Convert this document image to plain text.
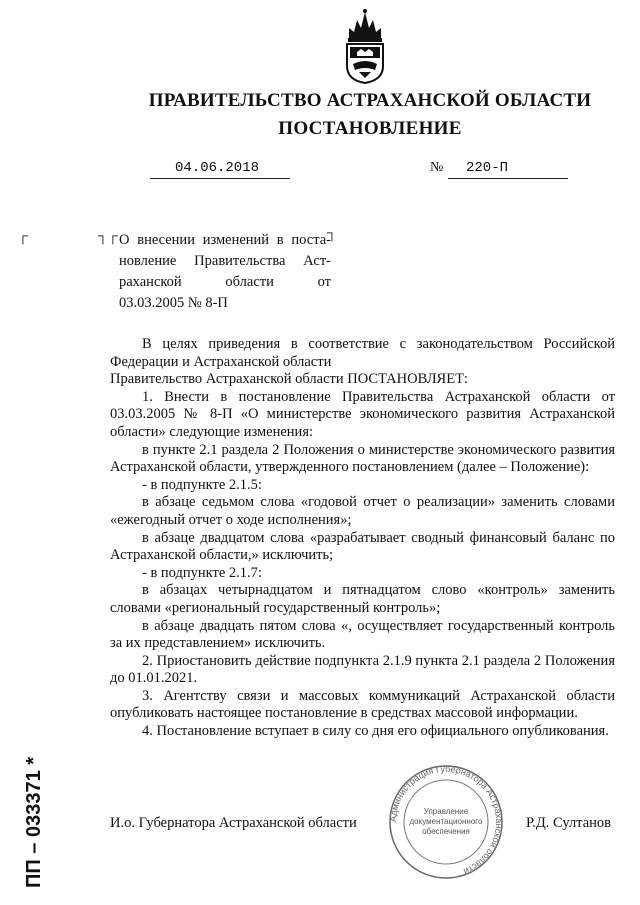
ПРАВИТЕЛЬСТВО АСТРАХАНСКОЙ ОБЛАСТИ
ПОСТАНОВЛЕНИЕ
04.06.2018	№ 220-П
┌	┐┌	┐

О внесении изменений в поста-

новление Правительства Аст-

раханской области от

03.03.2005 № 8-П

В целях приведения в соответствие с законодательством Российской Федерации и Астраханской области

Правительство Астраханской области ПОСТАНОВЛЯЕТ:

1. Внести в постановление Правительства Астраханской области от 03.03.2005 № 8-П «О министерстве экономического развития Астраханской области» следующие изменения:

в пункте 2.1 раздела 2 Положения о министерстве экономического развития Астраханской области, утвержденного постановлением (далее – Положение):

- в подпункте 2.1.5:

в абзаце седьмом слова «годовой отчет о реализации» заменить словами «ежегодный отчет о ходе исполнения»;

в абзаце двадцатом слова «разрабатывает сводный финансовый баланс по Астраханской области,» исключить;

- в подпункте 2.1.7:

в абзацах четырнадцатом и пятнадцатом слово «контроль» заменить словами «региональный государственный контроль»;

в абзаце двадцать пятом слова «, осуществляет государственный контроль за их представлением» исключить.

2. Приостановить действие подпункта 2.1.9 пункта 2.1 раздела 2 Положения до 01.01.2021.

3. Агентству связи и массовых коммуникаций Астраханской области опубликовать настоящее постановление в средствах массовой информации.

4. Постановление вступает в силу со дня его официального опубликования.

И.о. Губернатора Астраханской области	Р.Д. Султанов
Администрация Губернатора Астраханской области
Управление
документационного
обеспечения
ПП – 033371 *
